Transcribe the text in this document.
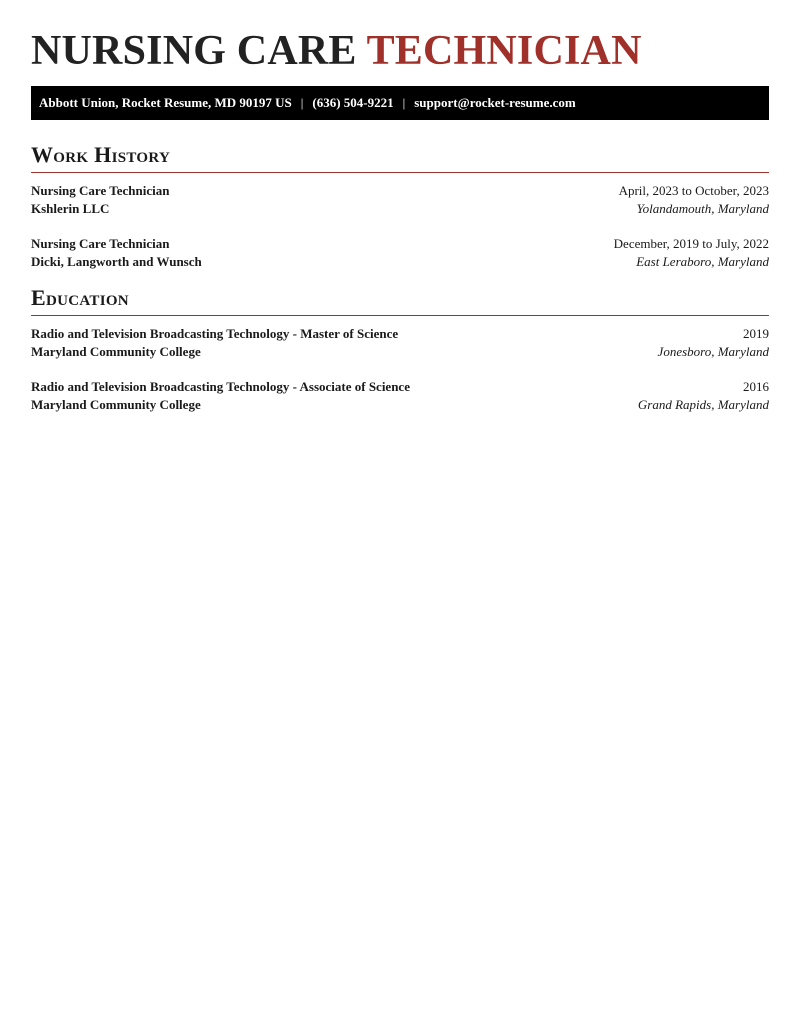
NURSING CARE TECHNICIAN
Abbott Union, Rocket Resume, MD 90197 US | (636) 504-9221 | support@rocket-resume.com
Work History
Nursing Care Technician	April, 2023 to October, 2023
Kshlerin LLC	Yolandamouth, Maryland
Nursing Care Technician	December, 2019 to July, 2022
Dicki, Langworth and Wunsch	East Leraboro, Maryland
Education
Radio and Television Broadcasting Technology - Master of Science	2019
Maryland Community College	Jonesboro, Maryland
Radio and Television Broadcasting Technology - Associate of Science	2016
Maryland Community College	Grand Rapids, Maryland
